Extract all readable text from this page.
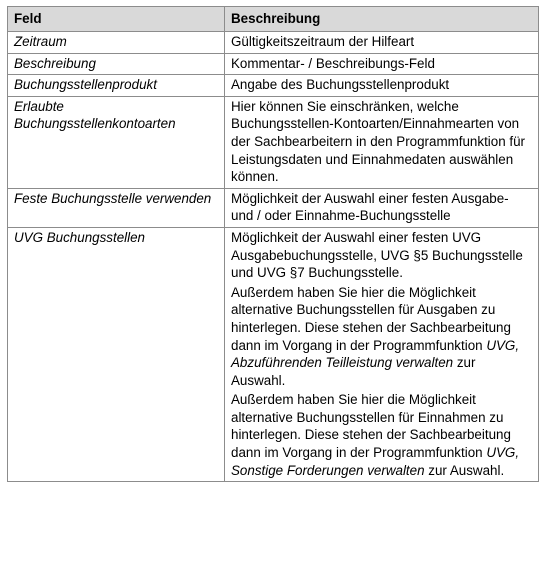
Feld	Beschreibung
Zeitraum	Gültigkeitszeitraum der Hilfeart
Beschreibung	Kommentar- / Beschreibungs-Feld
Buchungsstellenprodukt	Angabe des Buchungsstellenprodukt
Erlaubte Buchungsstellenkontoarten	Hier können Sie einschränken, welche Buchungsstellen-Kontoarten/Einnahmearten von der Sachbearbeitern in den Programmfunktion für Leistungsdaten und Einnahmedaten auswählen können.
Feste Buchungsstelle verwenden	Möglichkeit der Auswahl einer festen Ausgabe- und / oder Einnahme-Buchungsstelle
UVG Buchungsstellen	Möglichkeit der Auswahl einer festen UVG Ausgabebuchungsstelle, UVG §5 Buchungsstelle und UVG §7 Buchungsstelle.

Außerdem haben Sie hier die Möglichkeit alternative Buchungsstellen für Ausgaben zu hinterlegen. Diese stehen der Sachbearbeitung dann im Vorgang in der Programmfunktion UVG, Abzuführenden Teilleistung verwalten zur Auswahl.

Außerdem haben Sie hier die Möglichkeit alternative Buchungsstellen für Einnahmen zu hinterlegen. Diese stehen der Sachbearbeitung dann im Vorgang in der Programmfunktion UVG, Sonstige Forderungen verwalten zur Auswahl.
